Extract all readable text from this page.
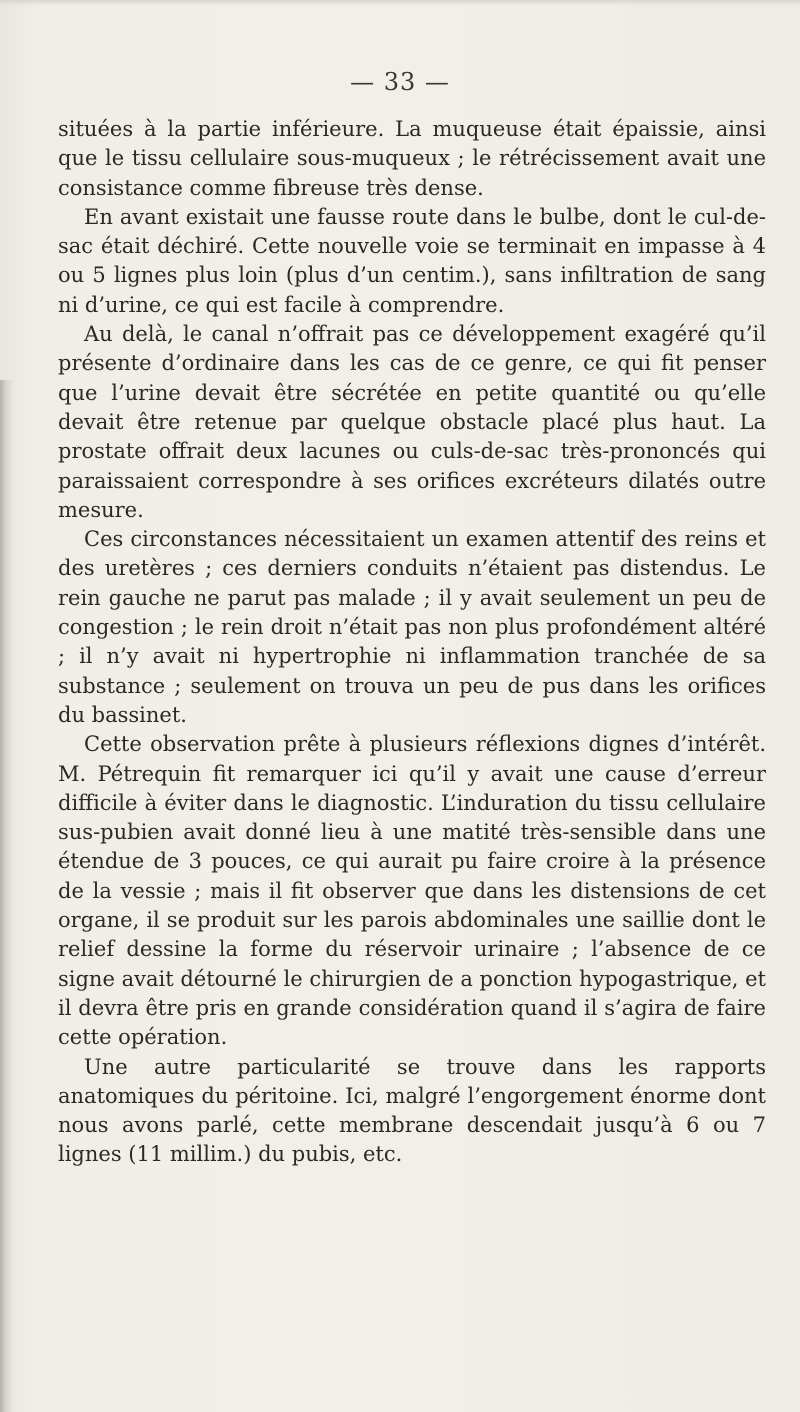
— 33 —

situées à la partie inférieure. La muqueuse était épaissie, ainsi que le tissu cellulaire sous-muqueux ; le rétrécissement avait une consistance comme fibreuse très dense.

En avant existait une fausse route dans le bulbe, dont le cul-de-sac était déchiré. Cette nouvelle voie se terminait en impasse à 4 ou 5 lignes plus loin (plus d’un centim.), sans infiltration de sang ni d’urine, ce qui est facile à comprendre.

Au delà, le canal n’offrait pas ce développement exagéré qu’il présente d’ordinaire dans les cas de ce genre, ce qui fit penser que l’urine devait être sécrétée en petite quantité ou qu’elle devait être retenue par quelque obstacle placé plus haut. La prostate offrait deux lacunes ou culs-de-sac très-prononcés qui paraissaient correspondre à ses orifices excréteurs dilatés outre mesure.

Ces circonstances nécessitaient un examen attentif des reins et des uretères ; ces derniers conduits n’étaient pas distendus. Le rein gauche ne parut pas malade ; il y avait seulement un peu de congestion ; le rein droit n’était pas non plus profondément altéré ; il n’y avait ni hypertrophie ni inflammation tranchée de sa substance ; seulement on trouva un peu de pus dans les orifices du bassinet.

Cette observation prête à plusieurs réflexions dignes d’intérêt. M. Pétrequin fit remarquer ici qu’il y avait une cause d’erreur difficile à éviter dans le diagnostic. L’induration du tissu cellulaire sus-pubien avait donné lieu à une matité très-sensible dans une étendue de 3 pouces, ce qui aurait pu faire croire à la présence de la vessie ; mais il fit observer que dans les distensions de cet organe, il se produit sur les parois abdominales une saillie dont le relief dessine la forme du réservoir urinaire ; l’absence de ce signe avait détourné le chirurgien de a ponction hypogastrique, et il devra être pris en grande considération quand il s’agira de faire cette opération.

Une autre particularité se trouve dans les rapports anatomiques du péritoine. Ici, malgré l’engorgement énorme dont nous avons parlé, cette membrane descendait jusqu’à 6 ou 7 lignes (11 millim.) du pubis, etc.
